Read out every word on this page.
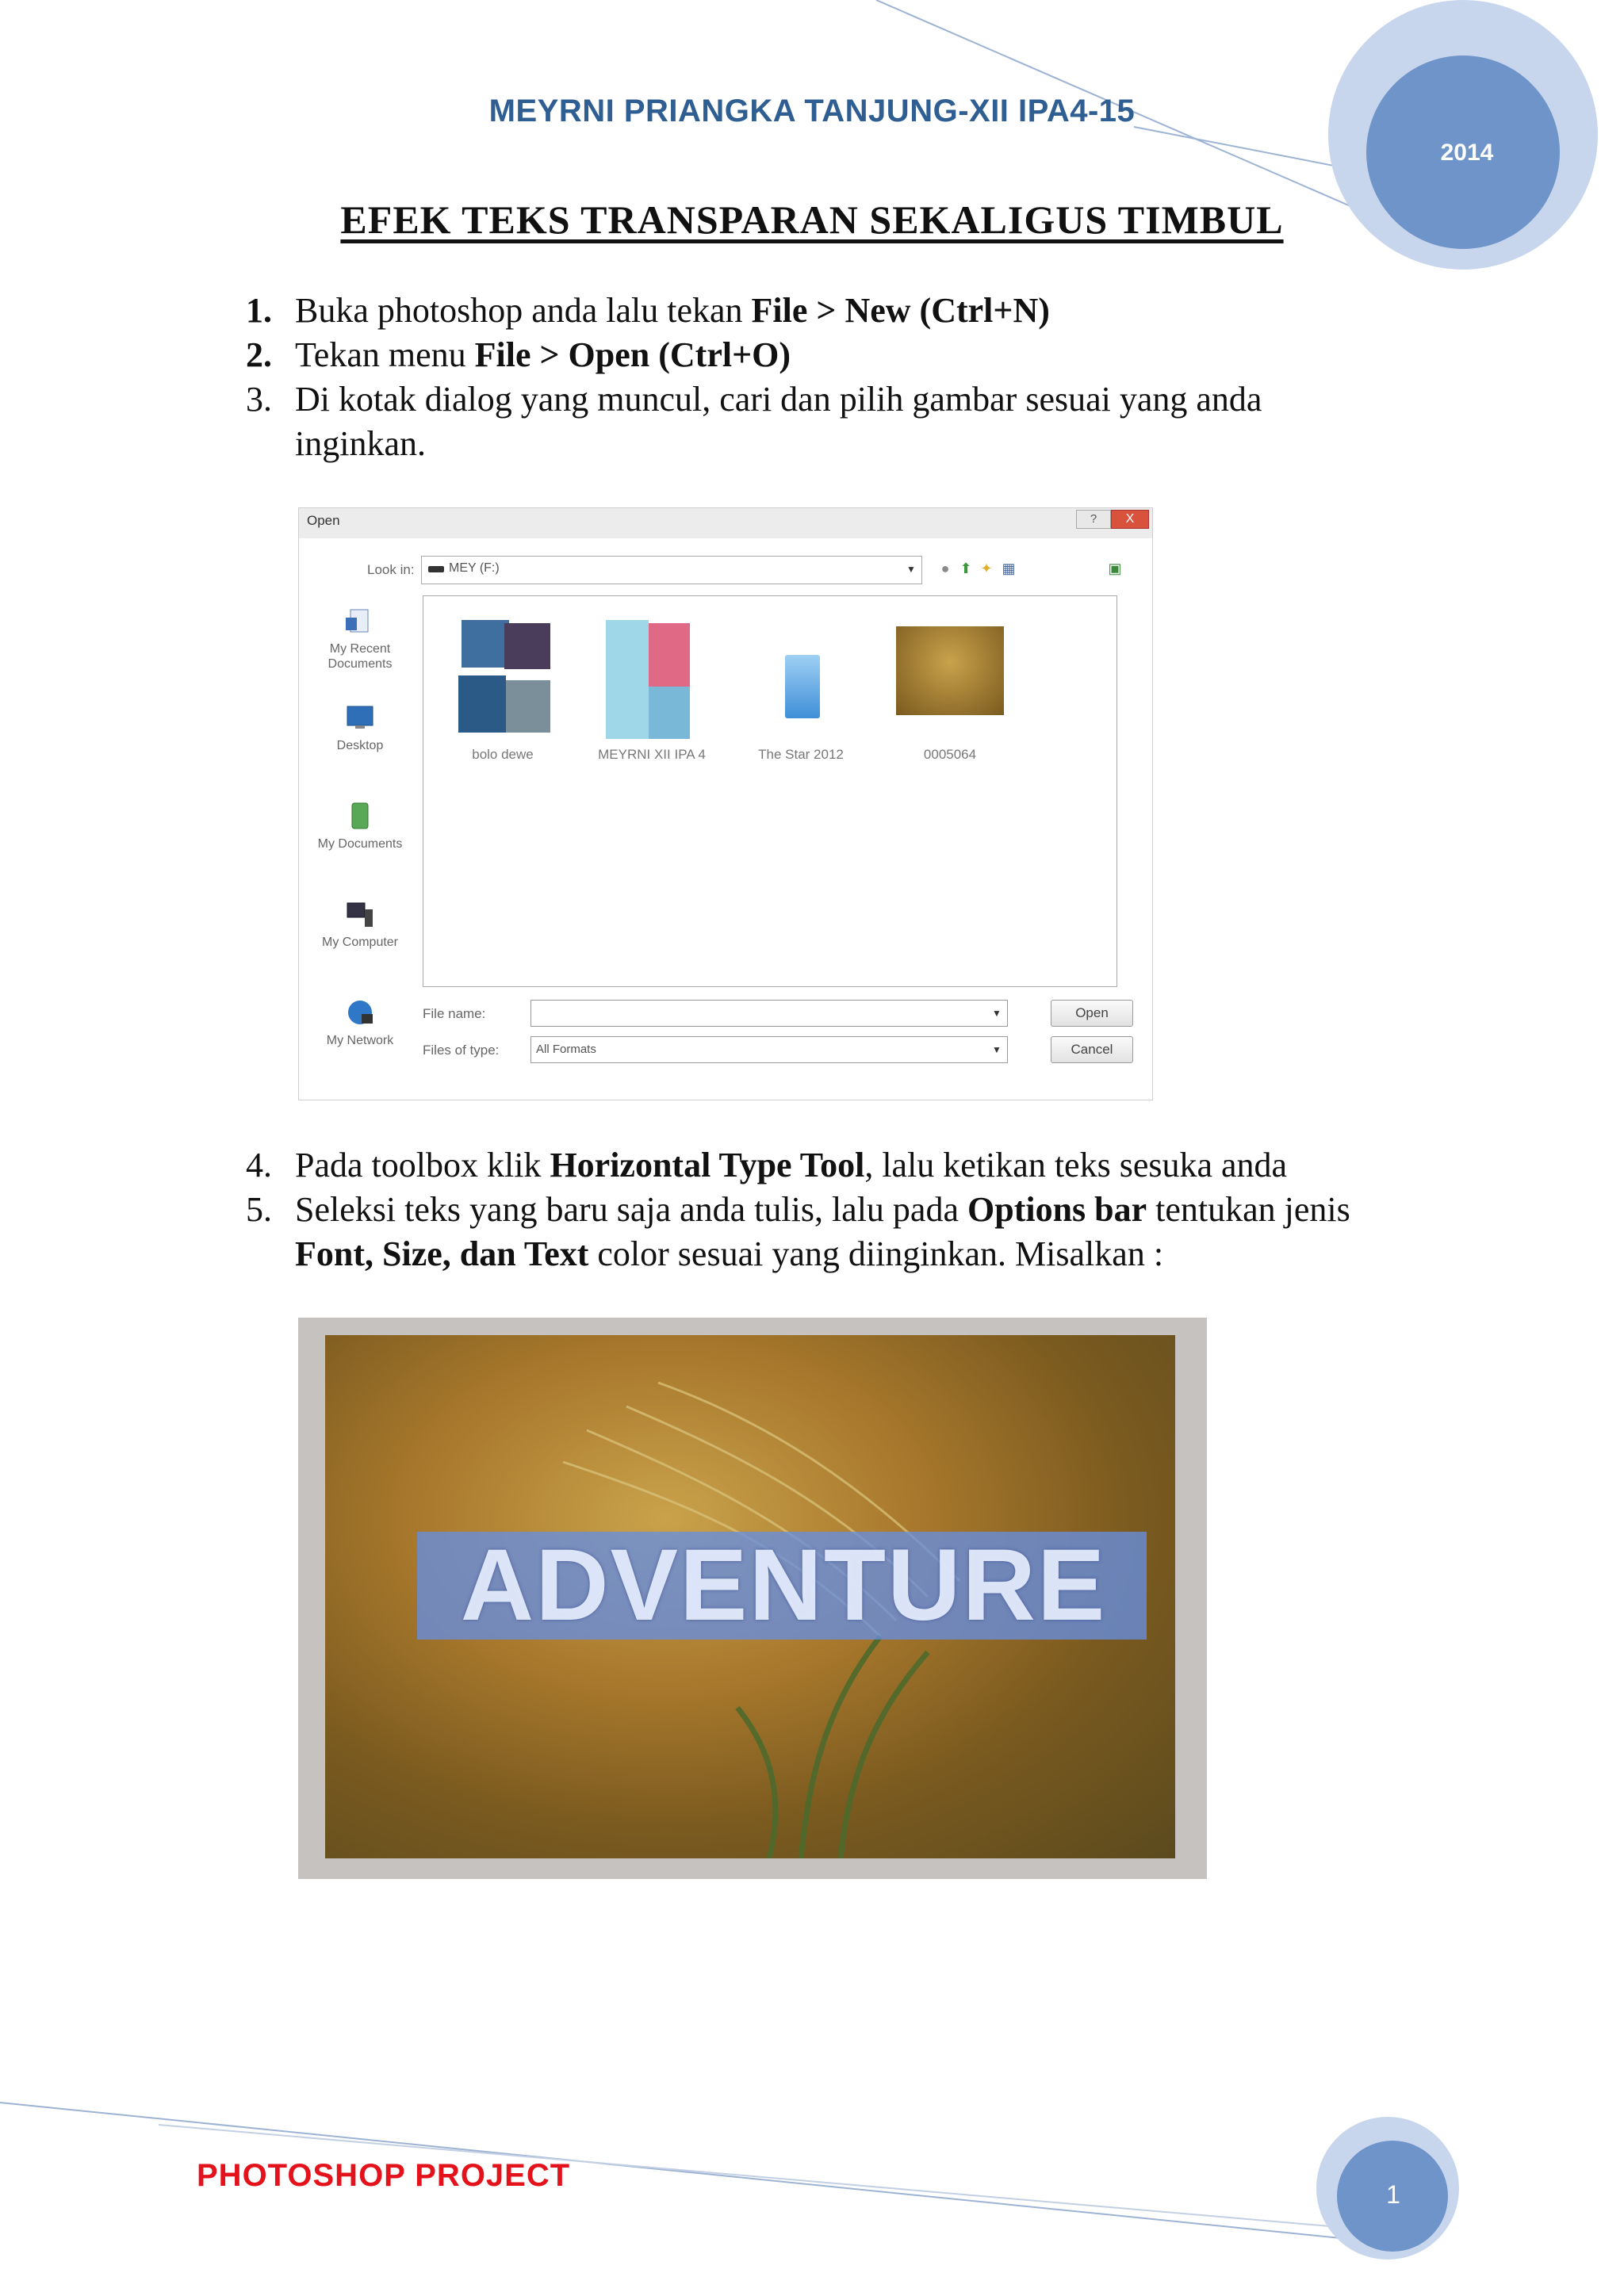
MEYRNI PRIANGKA TANJUNG-XII IPA4-15
2014
EFEK TEKS TRANSPARAN SEKALIGUS TIMBUL
1. Buka photoshop anda lalu tekan File > New (Ctrl+N)
2. Tekan menu File > Open (Ctrl+O)
3. Di kotak dialog yang muncul, cari dan pilih gambar sesuai yang anda inginkan.
Open	?	X
Look in:	MEY (F:)	▼	● ⬆ ✦ ▦	▣
My Recent Documents
Desktop
My Documents
My Computer
My Network
bolo dewe	MEYRNI XII IPA 4	The Star 2012	0005064
File name:	▼
Files of type:	All Formats	▼
Open
Cancel
4. Pada toolbox klik Horizontal Type Tool, lalu ketikan teks sesuka anda
5. Seleksi teks yang baru saja anda tulis, lalu pada Options bar tentukan jenis Font, Size, dan Text color sesuai yang diinginkan. Misalkan :
ADVENTURE
PHOTOSHOP PROJECT
1
